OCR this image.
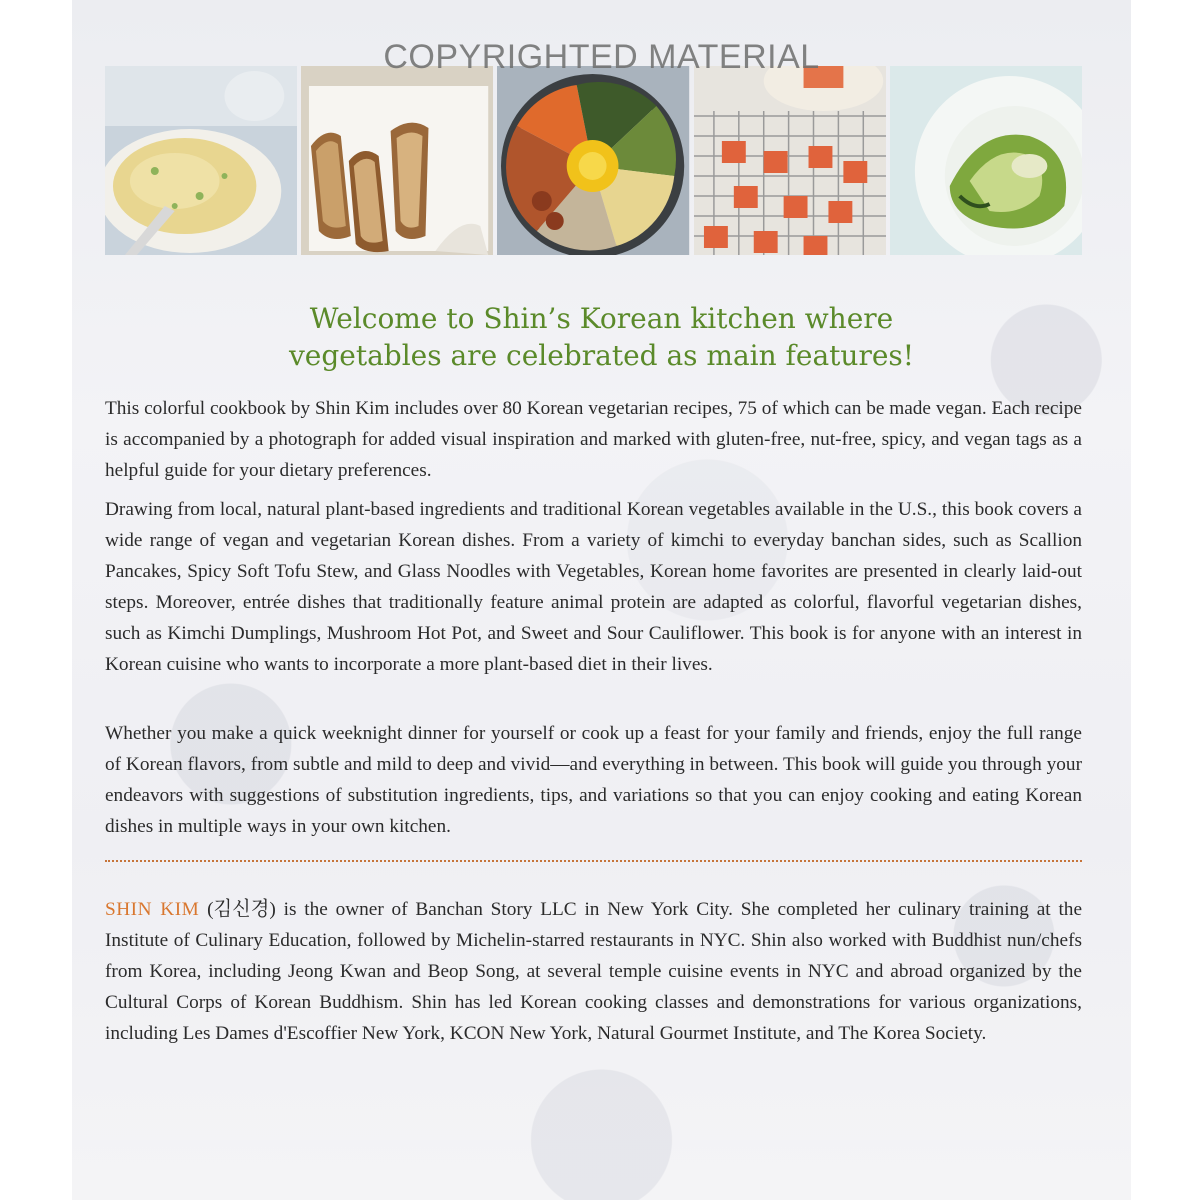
COPYRIGHTED MATERIAL
Welcome to Shin’s Korean kitchen where
vegetables are celebrated as main features!

This colorful cookbook by Shin Kim includes over 80 Korean vegetarian recipes, 75 of which can be made vegan. Each recipe is accompanied by a photograph for added visual inspiration and marked with gluten-free, nut-free, spicy, and vegan tags as a helpful guide for your dietary preferences.

Drawing from local, natural plant-based ingredients and traditional Korean vegetables available in the U.S., this book covers a wide range of vegan and vegetarian Korean dishes. From a variety of kimchi to everyday banchan sides, such as Scallion Pancakes, Spicy Soft Tofu Stew, and Glass Noodles with Vegetables, Korean home favorites are presented in clearly laid-out steps. Moreover, entrée dishes that traditionally feature animal protein are adapted as colorful, flavorful vegetarian dishes, such as Kimchi Dumplings, Mushroom Hot Pot, and Sweet and Sour Cauliflower. This book is for anyone with an interest in Korean cuisine who wants to incorporate a more plant-based diet in their lives.

Whether you make a quick weeknight dinner for yourself or cook up a feast for your family and friends, enjoy the full range of Korean flavors, from subtle and mild to deep and vivid—and everything in between. This book will guide you through your endeavors with suggestions of substitution ingredients, tips, and variations so that you can enjoy cooking and eating Korean dishes in multiple ways in your own kitchen.

SHIN KIM (김신경) is the owner of Banchan Story LLC in New York City. She completed her culinary training at the Institute of Culinary Education, followed by Michelin-starred restaurants in NYC. Shin also worked with Buddhist nun/chefs from Korea, including Jeong Kwan and Beop Song, at several temple cuisine events in NYC and abroad organized by the Cultural Corps of Korean Buddhism. Shin has led Korean cooking classes and demonstrations for various organizations, including Les Dames d'Escoffier New York, KCON New York, Natural Gourmet Institute, and The Korea Society.
